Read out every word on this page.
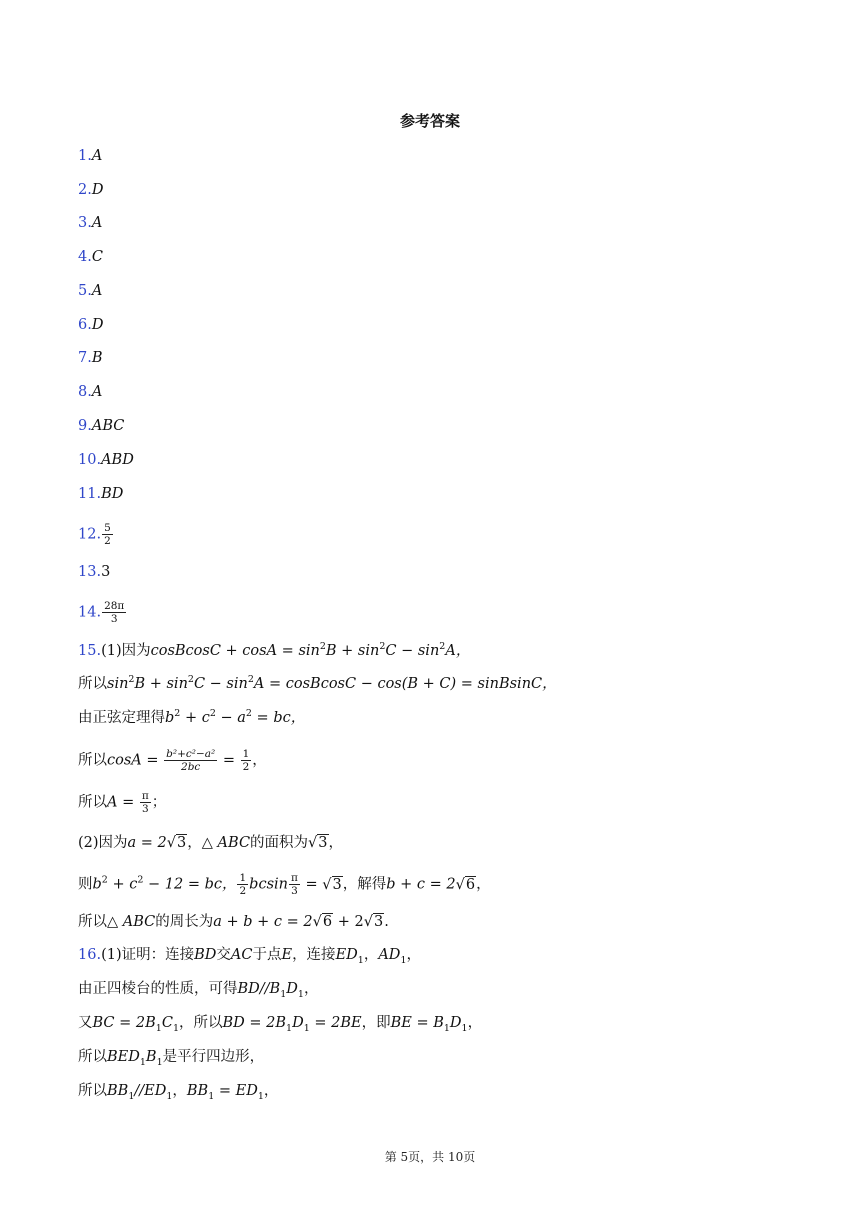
参考答案
1.A
2.D
3.A
4.C
5.A
6.D
7.B
8.A
9.ABC
10.ABD
11.BD
12. $\frac{5}{2}$
13.3
14. $\frac{28\pi}{3}$
15.(1)因为cosBcosC + $\cos A = \sin^2B + \sin^2C - \sin^2A$，
所以$\sin^2B + \sin^2C - \sin^2A$ = cosBcosC − cos(B + C) = sinBsinC，
由正弦定理得$b^2 + c^2 - a^2$ = bc，
所以$\cos A = \frac{\text{b²+c²−a²}}{2bc} = \frac{1}{2}$ ，
所以$A = \frac{\pi}{3}$ ；
(2)因为a = 2√3，△ ABC的面积为√3，
则$b^2 + c^2 - 12$ = bc， $\frac{1}{2}$ bcsin $\frac{\pi}{3} = √3$，解得b + c = 2√6，
所以△ ABC的周长为a + b + c = 2√6 + 2√3.
16.(1)证明：连接BD交AC于点E，连接$ED_1$，$AD_1$，
由正四棱台的性质，可得$BD//B_1D_1$，
又BC = $2B_1C_1$，所以BD = $2B_1D_1 = 2BE$，即BE = $B_1D_1$，
所以$BED_1B_1$是平行四边形，
所以$BB_1//ED_1$，$BB_1 = ED_1$，
第 5页，共 10页
